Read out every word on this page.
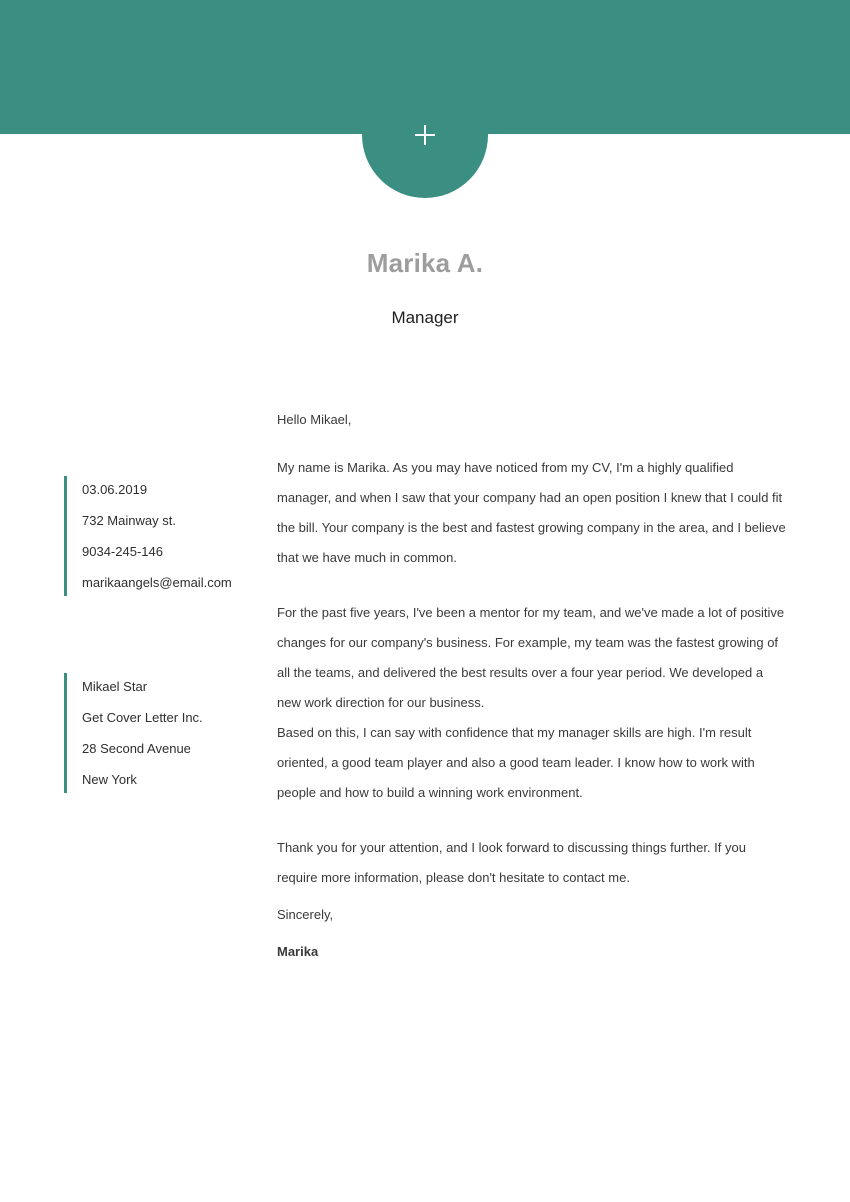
Marika A.
Manager
03.06.2019
732 Mainway st.
9034-245-146
marikaangels@email.com
Mikael Star
Get Cover Letter Inc.
28 Second Avenue
New York

Hello Mikael,

My name is Marika. As you may have noticed from my CV, I'm a highly qualified manager, and when I saw that your company had an open position I knew that I could fit the bill. Your company is the best and fastest growing company in the area, and I believe that we have much in common.

For the past five years, I've been a mentor for my team, and we've made a lot of positive changes for our company's business. For example, my team was the fastest growing of all the teams, and delivered the best results over a four year period. We developed a new work direction for our business.

Based on this, I can say with confidence that my manager skills are high. I'm result oriented, a good team player and also a good team leader. I know how to work with people and how to build a winning work environment.

Thank you for your attention, and I look forward to discussing things further. If you require more information, please don't hesitate to contact me.

Sincerely,

Marika
